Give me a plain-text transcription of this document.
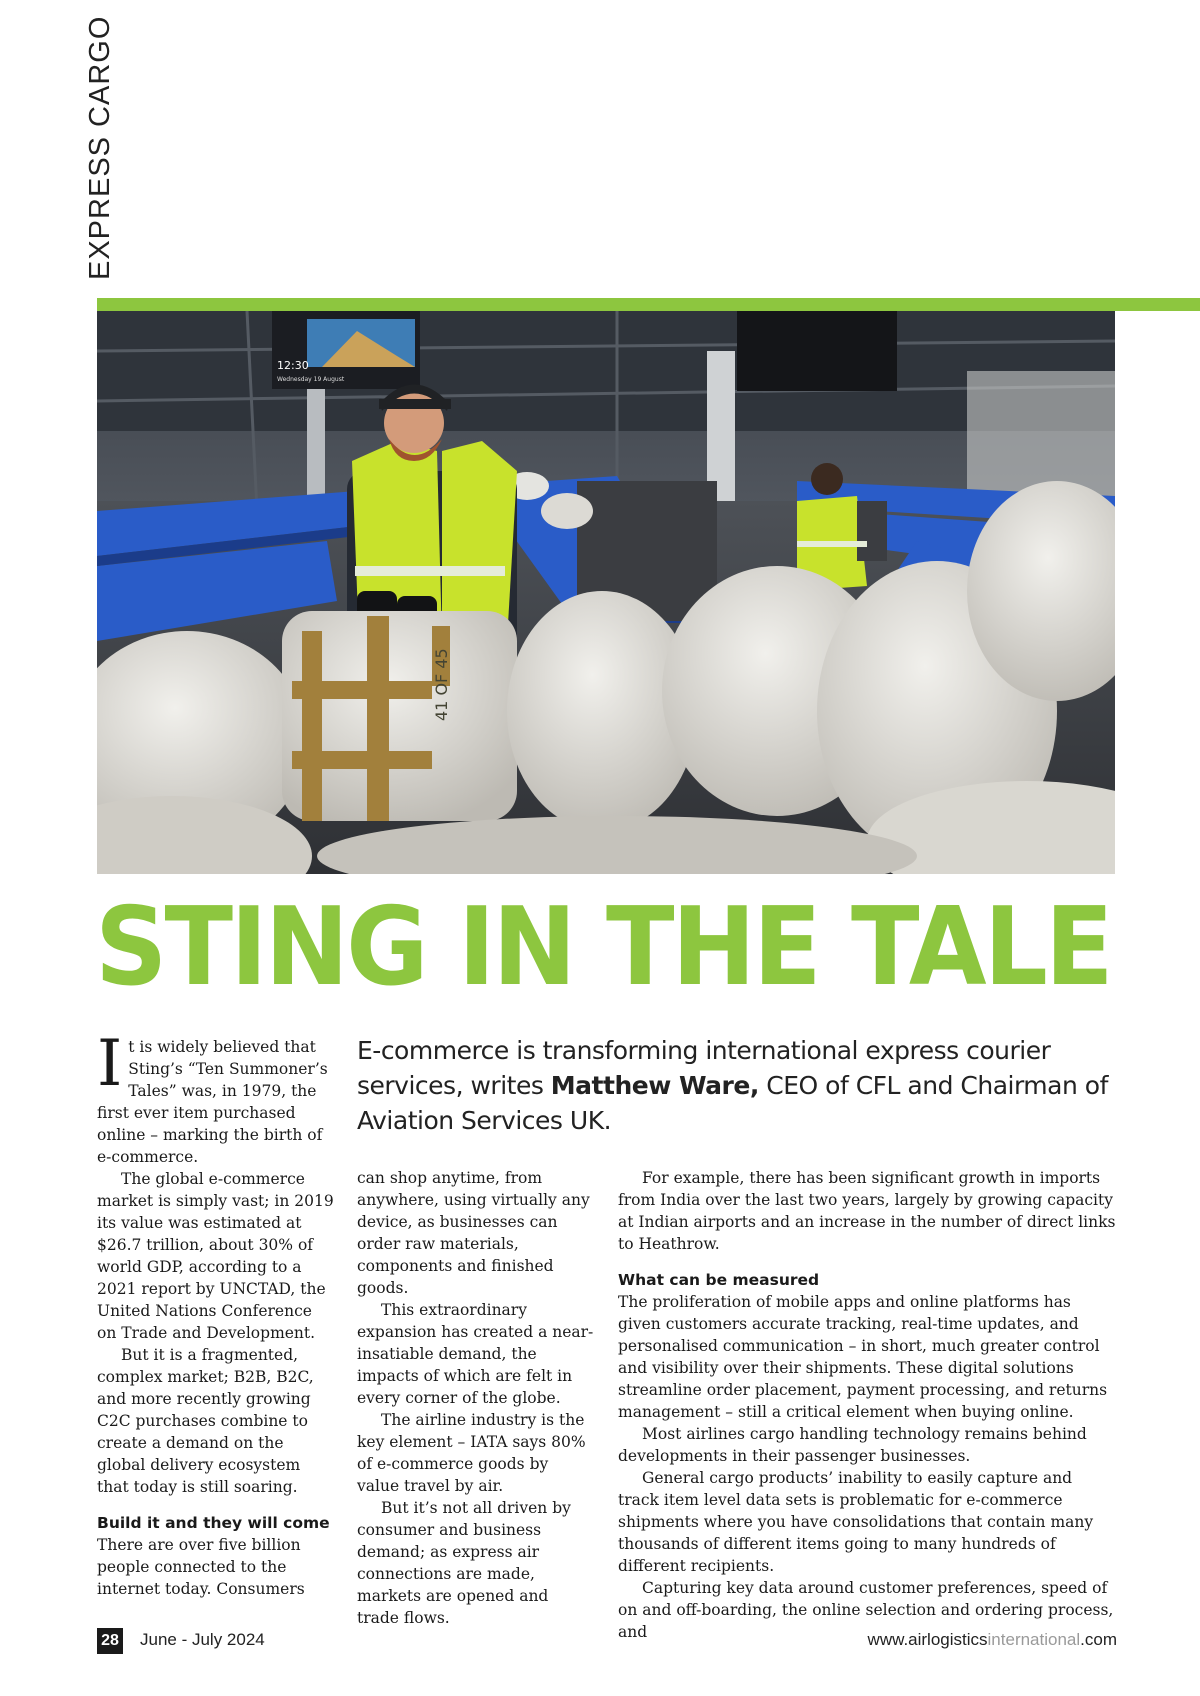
EXPRESS CARGO
12:30
Wednesday 19 August
41 OF 45
STING IN THE TALE

It is widely believed that Sting’s “Ten Summoner’s Tales” was, in 1979, the first ever item purchased online – marking the birth of e-commerce.

The global e-commerce market is simply vast; in 2019 its value was estimated at $26.7 trillion, about 30% of world GDP, according to a 2021 report by UNCTAD, the United Nations Conference on Trade and Development.

But it is a fragmented, complex market; B2B, B2C, and more recently growing C2C purchases combine to create a demand on the global delivery ecosystem that today is still soaring.

Build it and they will come

There are over five billion people connected to the internet today. Consumers

E-commerce is transforming international express courier services, writes Matthew Ware, CEO of CFL and Chairman of Aviation Services UK.

can shop anytime, from anywhere, using virtually any device, as businesses can order raw materials, components and finished goods.

This extraordinary expansion has created a near-insatiable demand, the impacts of which are felt in every corner of the globe.

The airline industry is the key element – IATA says 80% of e-commerce goods by value travel by air.

But it’s not all driven by consumer and business demand; as express air connections are made, markets are opened and trade flows.

For example, there has been significant growth in imports from India over the last two years, largely by growing capacity at Indian airports and an increase in the number of direct links to Heathrow.

What can be measured

The proliferation of mobile apps and online platforms has given customers accurate tracking, real-time updates, and personalised communication – in short, much greater control and visibility over their shipments. These digital solutions streamline order placement, payment processing, and returns management – still a critical element when buying online.

Most airlines cargo handling technology remains behind developments in their passenger businesses.

General cargo products’ inability to easily capture and track item level data sets is problematic for e-commerce shipments where you have consolidations that contain many thousands of different items going to many hundreds of different recipients.

Capturing key data around customer preferences, speed of on and off-boarding, the online selection and ordering process, and

28 June - July 2024	www.airlogisticsinternational.com
